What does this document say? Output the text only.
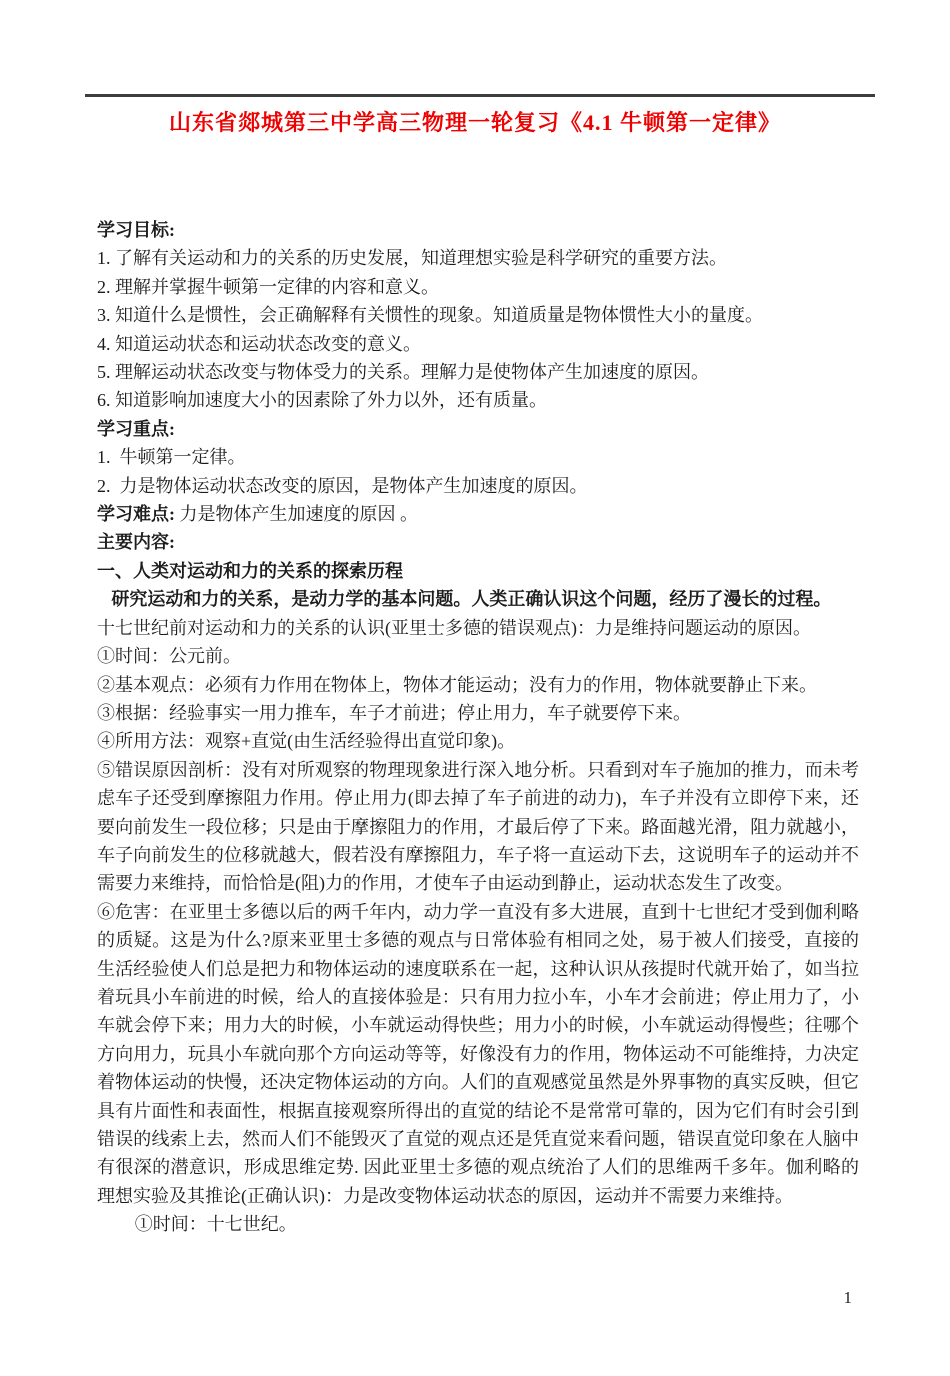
山东省郯城第三中学高三物理一轮复习《4.1 牛顿第一定律》

学习目标:

1. 了解有关运动和力的关系的历史发展，知道理想实验是科学研究的重要方法。

2. 理解并掌握牛顿第一定律的内容和意义。

3. 知道什么是惯性，会正确解释有关惯性的现象。知道质量是物体惯性大小的量度。

4. 知道运动状态和运动状态改变的意义。

5. 理解运动状态改变与物体受力的关系。理解力是使物体产生加速度的原因。

6. 知道影响加速度大小的因素除了外力以外，还有质量。

学习重点:

1.  牛顿第一定律。

2.  力是物体运动状态改变的原因，是物体产生加速度的原因。

学习难点: 力是物体产生加速度的原因 。

主要内容:

一、人类对运动和力的关系的探索历程

研究运动和力的关系，是动力学的基本问题。人类正确认识这个问题，经历了漫长的过程。

十七世纪前对运动和力的关系的认识(亚里士多德的错误观点)：力是维持问题运动的原因。

①时间：公元前。

②基本观点：必须有力作用在物体上，物体才能运动；没有力的作用，物体就要静止下来。

③根据：经验事实一用力推车，车子才前进；停止用力，车子就要停下来。

④所用方法：观察+直觉(由生活经验得出直觉印象)。

⑤错误原因剖析：没有对所观察的物理现象进行深入地分析。只看到对车子施加的推力，而未考虑车子还受到摩擦阻力作用。停止用力(即去掉了车子前进的动力)，车子并没有立即停下来，还要向前发生一段位移；只是由于摩擦阻力的作用，才最后停了下来。路面越光滑，阻力就越小，车子向前发生的位移就越大，假若没有摩擦阻力，车子将一直运动下去，这说明车子的运动并不需要力来维持，而恰恰是(阻)力的作用，才使车子由运动到静止，运动状态发生了改变。

⑥危害：在亚里士多德以后的两千年内，动力学一直没有多大进展，直到十七世纪才受到伽利略的质疑。这是为什么?原来亚里士多德的观点与日常体验有相同之处，易于被人们接受，直接的生活经验使人们总是把力和物体运动的速度联系在一起，这种认识从孩提时代就开始了，如当拉着玩具小车前进的时候，给人的直接体验是：只有用力拉小车，小车才会前进；停止用力了，小车就会停下来；用力大的时候，小车就运动得快些；用力小的时候，小车就运动得慢些；往哪个方向用力，玩具小车就向那个方向运动等等，好像没有力的作用，物体运动不可能维持，力决定着物体运动的快慢，还决定物体运动的方向。人们的直观感觉虽然是外界事物的真实反映，但它具有片面性和表面性，根据直接观察所得出的直觉的结论不是常常可靠的，因为它们有时会引到错误的线索上去，然而人们不能毁灭了直觉的观点还是凭直觉来看问题，错误直觉印象在人脑中有很深的潜意识，形成思维定势. 因此亚里士多德的观点统治了人们的思维两千多年。伽利略的理想实验及其推论(正确认识)：力是改变物体运动状态的原因，运动并不需要力来维持。

①时间：十七世纪。

1
